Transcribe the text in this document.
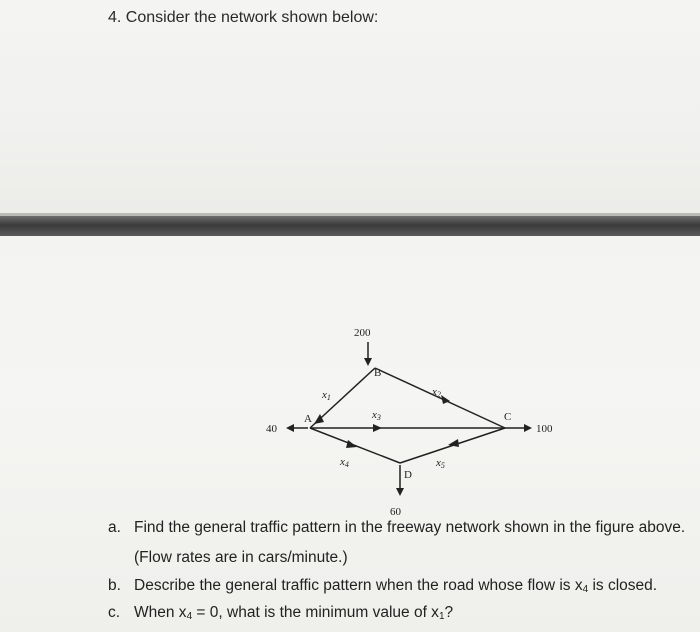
4. Consider the network shown below:
200
40	100
60
A
B
C
D
x1	x2
x3
x4	x5
a. Find the general traffic pattern in the freeway network shown in the figure above.
(Flow rates are in cars/minute.)
b. Describe the general traffic pattern when the road whose flow is $x_4$ is closed.
c. When $x_4 = 0$, what is the minimum value of $x_1$?
